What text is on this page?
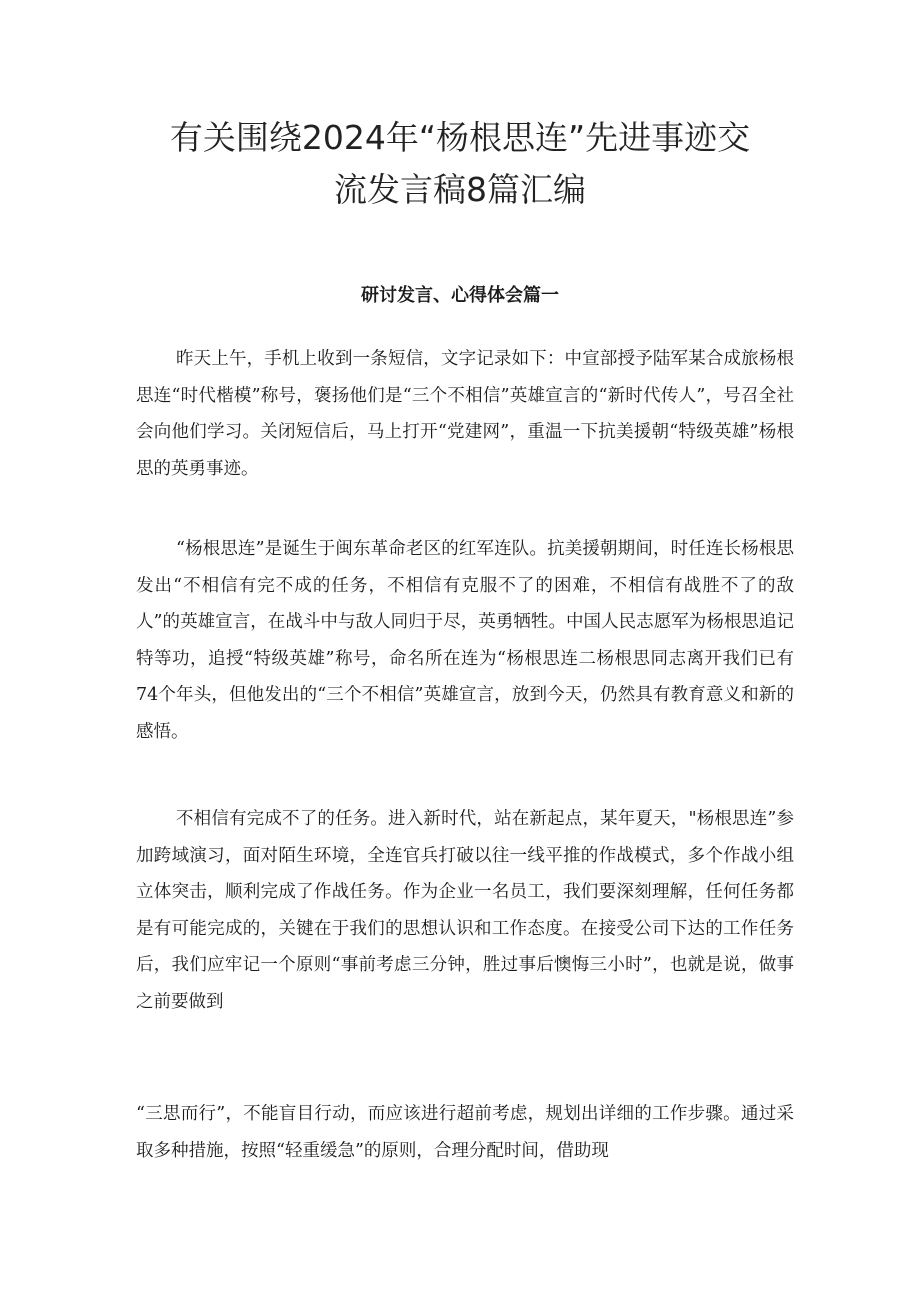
有关围绕2024年“杨根思连”先进事迹交
流发言稿8篇汇编
研讨发言、心得体会篇一

昨天上午，手机上收到一条短信，文字记录如下：中宣部授予陆军某合成旅杨根思连“时代楷模”称号，褒扬他们是“三个不相信”英雄宣言的“新时代传人”，号召全社会向他们学习。关闭短信后，马上打开“党建网”，重温一下抗美援朝“特级英雄”杨根思的英勇事迹。

“杨根思连”是诞生于闽东革命老区的红军连队。抗美援朝期间，时任连长杨根思发出“不相信有完不成的任务，不相信有克服不了的困难，不相信有战胜不了的敌人”的英雄宣言，在战斗中与敌人同归于尽，英勇牺牲。中国人民志愿军为杨根思追记特等功，追授“特级英雄”称号，命名所在连为“杨根思连二杨根思同志离开我们已有74个年头，但他发出的“三个不相信”英雄宣言，放到今天，仍然具有教育意义和新的感悟。

不相信有完成不了的任务。进入新时代，站在新起点，某年夏天，"杨根思连”参加跨域演习，面对陌生环境，全连官兵打破以往一线平推的作战模式，多个作战小组立体突击，顺利完成了作战任务。作为企业一名员工，我们要深刻理解，任何任务都是有可能完成的，关键在于我们的思想认识和工作态度。在接受公司下达的工作任务后，我们应牢记一个原则“事前考虑三分钟，胜过事后懊悔三小时”，也就是说，做事之前要做到

“三思而行”，不能盲目行动，而应该进行超前考虑，规划出详细的工作步骤。通过采取多种措施，按照“轻重缓急”的原则，合理分配时间，借助现
